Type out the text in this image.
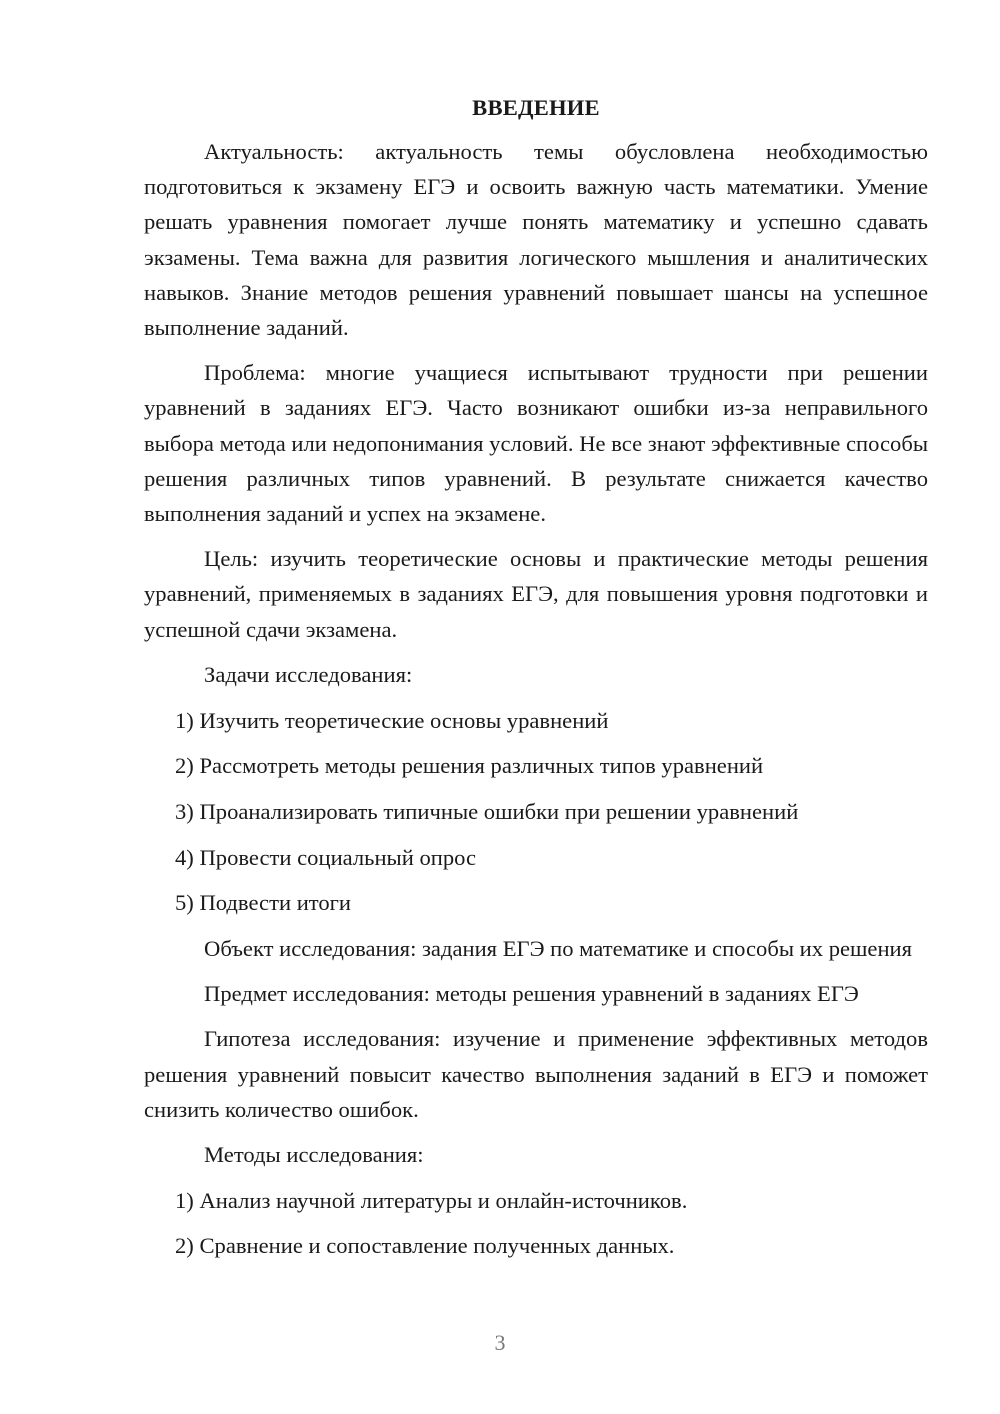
ВВЕДЕНИЕ

Актуальность: актуальность темы обусловлена необходимостью подготовиться к экзамену ЕГЭ и освоить важную часть математики. Умение решать уравнения помогает лучше понять математику и успешно сдавать экзамены. Тема важна для развития логического мышления и аналитических навыков. Знание методов решения уравнений повышает шансы на успешное выполнение заданий.

Проблема: многие учащиеся испытывают трудности при решении уравнений в заданиях ЕГЭ. Часто возникают ошибки из-за неправильного выбора метода или недопонимания условий. Не все знают эффективные способы решения различных типов уравнений. В результате снижается качество выполнения заданий и успех на экзамене.

Цель: изучить теоретические основы и практические методы решения уравнений, применяемых в заданиях ЕГЭ, для повышения уровня подготовки и успешной сдачи экзамена.

Задачи исследования:
1) Изучить теоретические основы уравнений
2) Рассмотреть методы решения различных типов уравнений
3) Проанализировать типичные ошибки при решении уравнений
4) Провести социальный опрос
5) Подвести итоги

Объект исследования: задания ЕГЭ по математике и способы их решения

Предмет исследования: методы решения уравнений в заданиях ЕГЭ

Гипотеза исследования: изучение и применение эффективных методов решения уравнений повысит качество выполнения заданий в ЕГЭ и поможет снизить количество ошибок.

Методы исследования:
1) Анализ научной литературы и онлайн-источников.
2) Сравнение и сопоставление полученных данных.
3
